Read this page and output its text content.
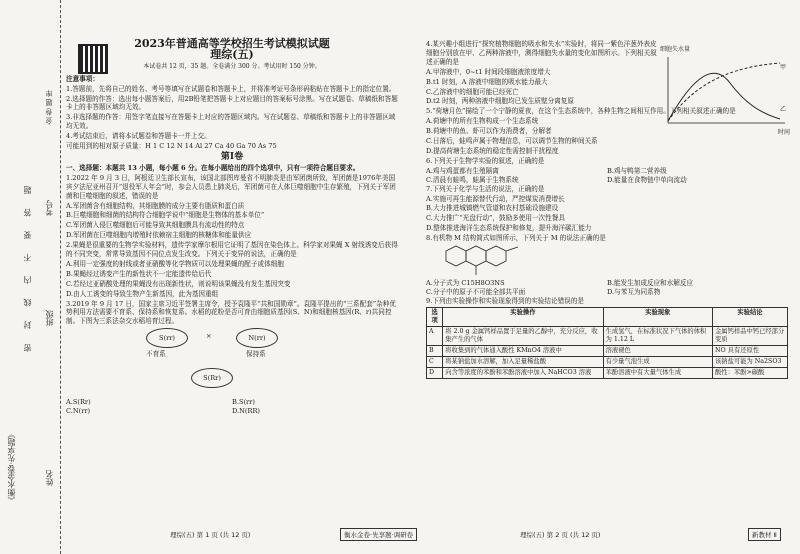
金 卷 题 库
考号
班级
姓名
密 封 线 内 不 要 答 题
《衡水金卷·先享题》
2023年普通高等学校招生考试模拟试题
理综(五)
本试卷共 12 页，35 题。全卷满分 300 分。考试用时 150 分钟。

注意事项：

1.答题前，先将自己的姓名、考号等填写在试题卷和答题卡上，并将准考证号条形码粘贴在答题卡上的指定位置。

2.选择题的作答：选出每小题答案后，用2B铅笔把答题卡上对应题目的答案标号涂黑。写在试题卷、草稿纸和答题卡上的非答题区域均无效。

3.非选择题的作答：用签字笔直接写在答题卡上对应的答题区域内。写在试题卷、草稿纸和答题卡上的非答题区域均无效。

4.考试结束后，请将本试题卷和答题卡一并上交。

可能用到的相对原子质量：H 1 C 12 N 14 Al 27 Ca 40 Ga 70 As 75

第Ⅰ卷

一、选择题：本题共 13 小题，每小题 6 分。在每小题给出的四个选项中，只有一项符合题目要求。

1.2022 年 9 月 3 日，阿根廷卫生部长宣布，该国北部图库曼省不明肺炎是由军团菌所致，军团菌是1976年美国宾夕法尼亚州召开“退役军人年会”时，参会人员患上肺炎后，军团菌可在人体巨噬细胞中生存繁殖，下列关于军团菌和巨噬细胞的叙述，错误的是

A.军团菌含有细胞结构，其细胞膜的成分主要有脂质和蛋白质

B.巨噬细胞和细菌的结构符合细胞学说中“细胞是生物体的基本单位”

C.军团菌入侵巨噬细胞后可能导致其细胞膜具有流动性的特点

D.军团菌在巨噬细胞内增殖时依赖宿主细胞的核糖体和能量供应

2.果蝇是很重要的生物学实验材料，遗传学家摩尔根用它证明了基因在染色体上。科学家对果蝇 X 射线诱变后获得的不同突变，常常导致基因不同位点发生改变。下列关于变异的说法，正确的是

A.利用一定强度的射线或者亚硝酸等化学物质可以处理果蝇的配子或体细胞

B.果蝇经过诱变产生的新性状不一定能遗传给后代

C.若经过亚硝酸处理的果蝇没有出现新性状，则说明该果蝇没有发生基因突变

D.由人工诱变的导致生物产生新基因，此为基因重组

3.2019 年 9 月 17 日，国家主席习近平签署主席令，授予袁隆平“共和国勋章”。袁隆平提出的“三系配套”杂种优势利用方法需要不育系、保持系和恢复系。水稻的花粉是否可育由细胞质基因(S、N)和细胞核基因(R、r)共同控制。下图为三系法杂交水稻培育过程。

S(rr)	×	N(rr)
不育系	保持系
S(Rr)
A.S(Rr)	B.S(rr)
C.N(rr)	D.N(RR)

4.某兴趣小组进行“探究植物细胞的吸水和失水”实验时，将同一紫色洋葱外表皮细胞分别放在甲、乙两种溶液中，测得细胞失水量的变化如图所示。下列相关叙述正确的是

A.甲溶液中，0~t1 时间段细胞液浓度增大

B.t1 时刻，A 溶液中细胞的吸水能力最大

C.乙溶液中的细胞可能已经死亡

D.t2 时刻，两种溶液中细胞均已发生质壁分离复原

5.“荷塘月色”描绘了一个宁静的夏夜，在这个生态系统中，各种生物之间相互作用。下列相关叙述正确的是

A.荷塘中的所有生物构成一个生态系统

B.荷塘中的鱼、虾可以作为消费者，分解者

C.日落后，蛙鸣声属于物理信息，可以调节生物的种间关系

D.提高荷塘生态系统的稳定性需控制干扰程度

6.下列关于生物学实验的叙述，正确的是

A.鸡与鸡蛋都有生殖隔离	B.鸡与鸭第二营养级
C.清晨有蛙鸣，蛙属于生物系统	D.能量在食物链中单向流动

7.下列关于化学与生活的说法，正确的是

A.实施可再生能源替代行动，严控煤炭消费增长

B.大力推进城镇燃气管道和农村基础设施建设

C.大力推广“光盘行动”，鼓励多使用一次性餐具

D.整体推进海洋生态系统保护和修复，提升海洋碳汇能力

8.有机物 M 结构简式如图所示，下列关于 M 的说法正确的是

A.分子式为 C15H8O3NS	B.能发生加成反应和水解反应
C.分子中的原子不可能全部共平面	D.与苯互为同系物

9.下列由实验操作和实验现象得到的实验结论错误的是

选项	实验操作	实验现象	实验结论
A	将 2.0 g 金属钙样品置于足量的乙醇中，充分反应，收集产生的气体	生成氢气，在标准状况下气体的体积为 1.12 L	金属钙样品中钙已经部分变质
B	将收集到的气体通入酸性 KMnO4 溶液中	溶液褪色	NO 具有还原性
C	将某钠盐加水溶解，加入足量稀盐酸	有少量气泡生成	该钠盐可能为 Na2SO3
D	向含等浓度的苯酚和苯酚溶液中加入 NaHCO3 溶液	苯酚溶液中有大量气体生成	酸性：苯酚>碳酸
细胞失水量
甲
乙
时间
理综(五) 第 1 页 (共 12 页)	衡水金卷·先享题·调研卷	理综(五) 第 2 页 (共 12 页)	新教材 Ⅱ
